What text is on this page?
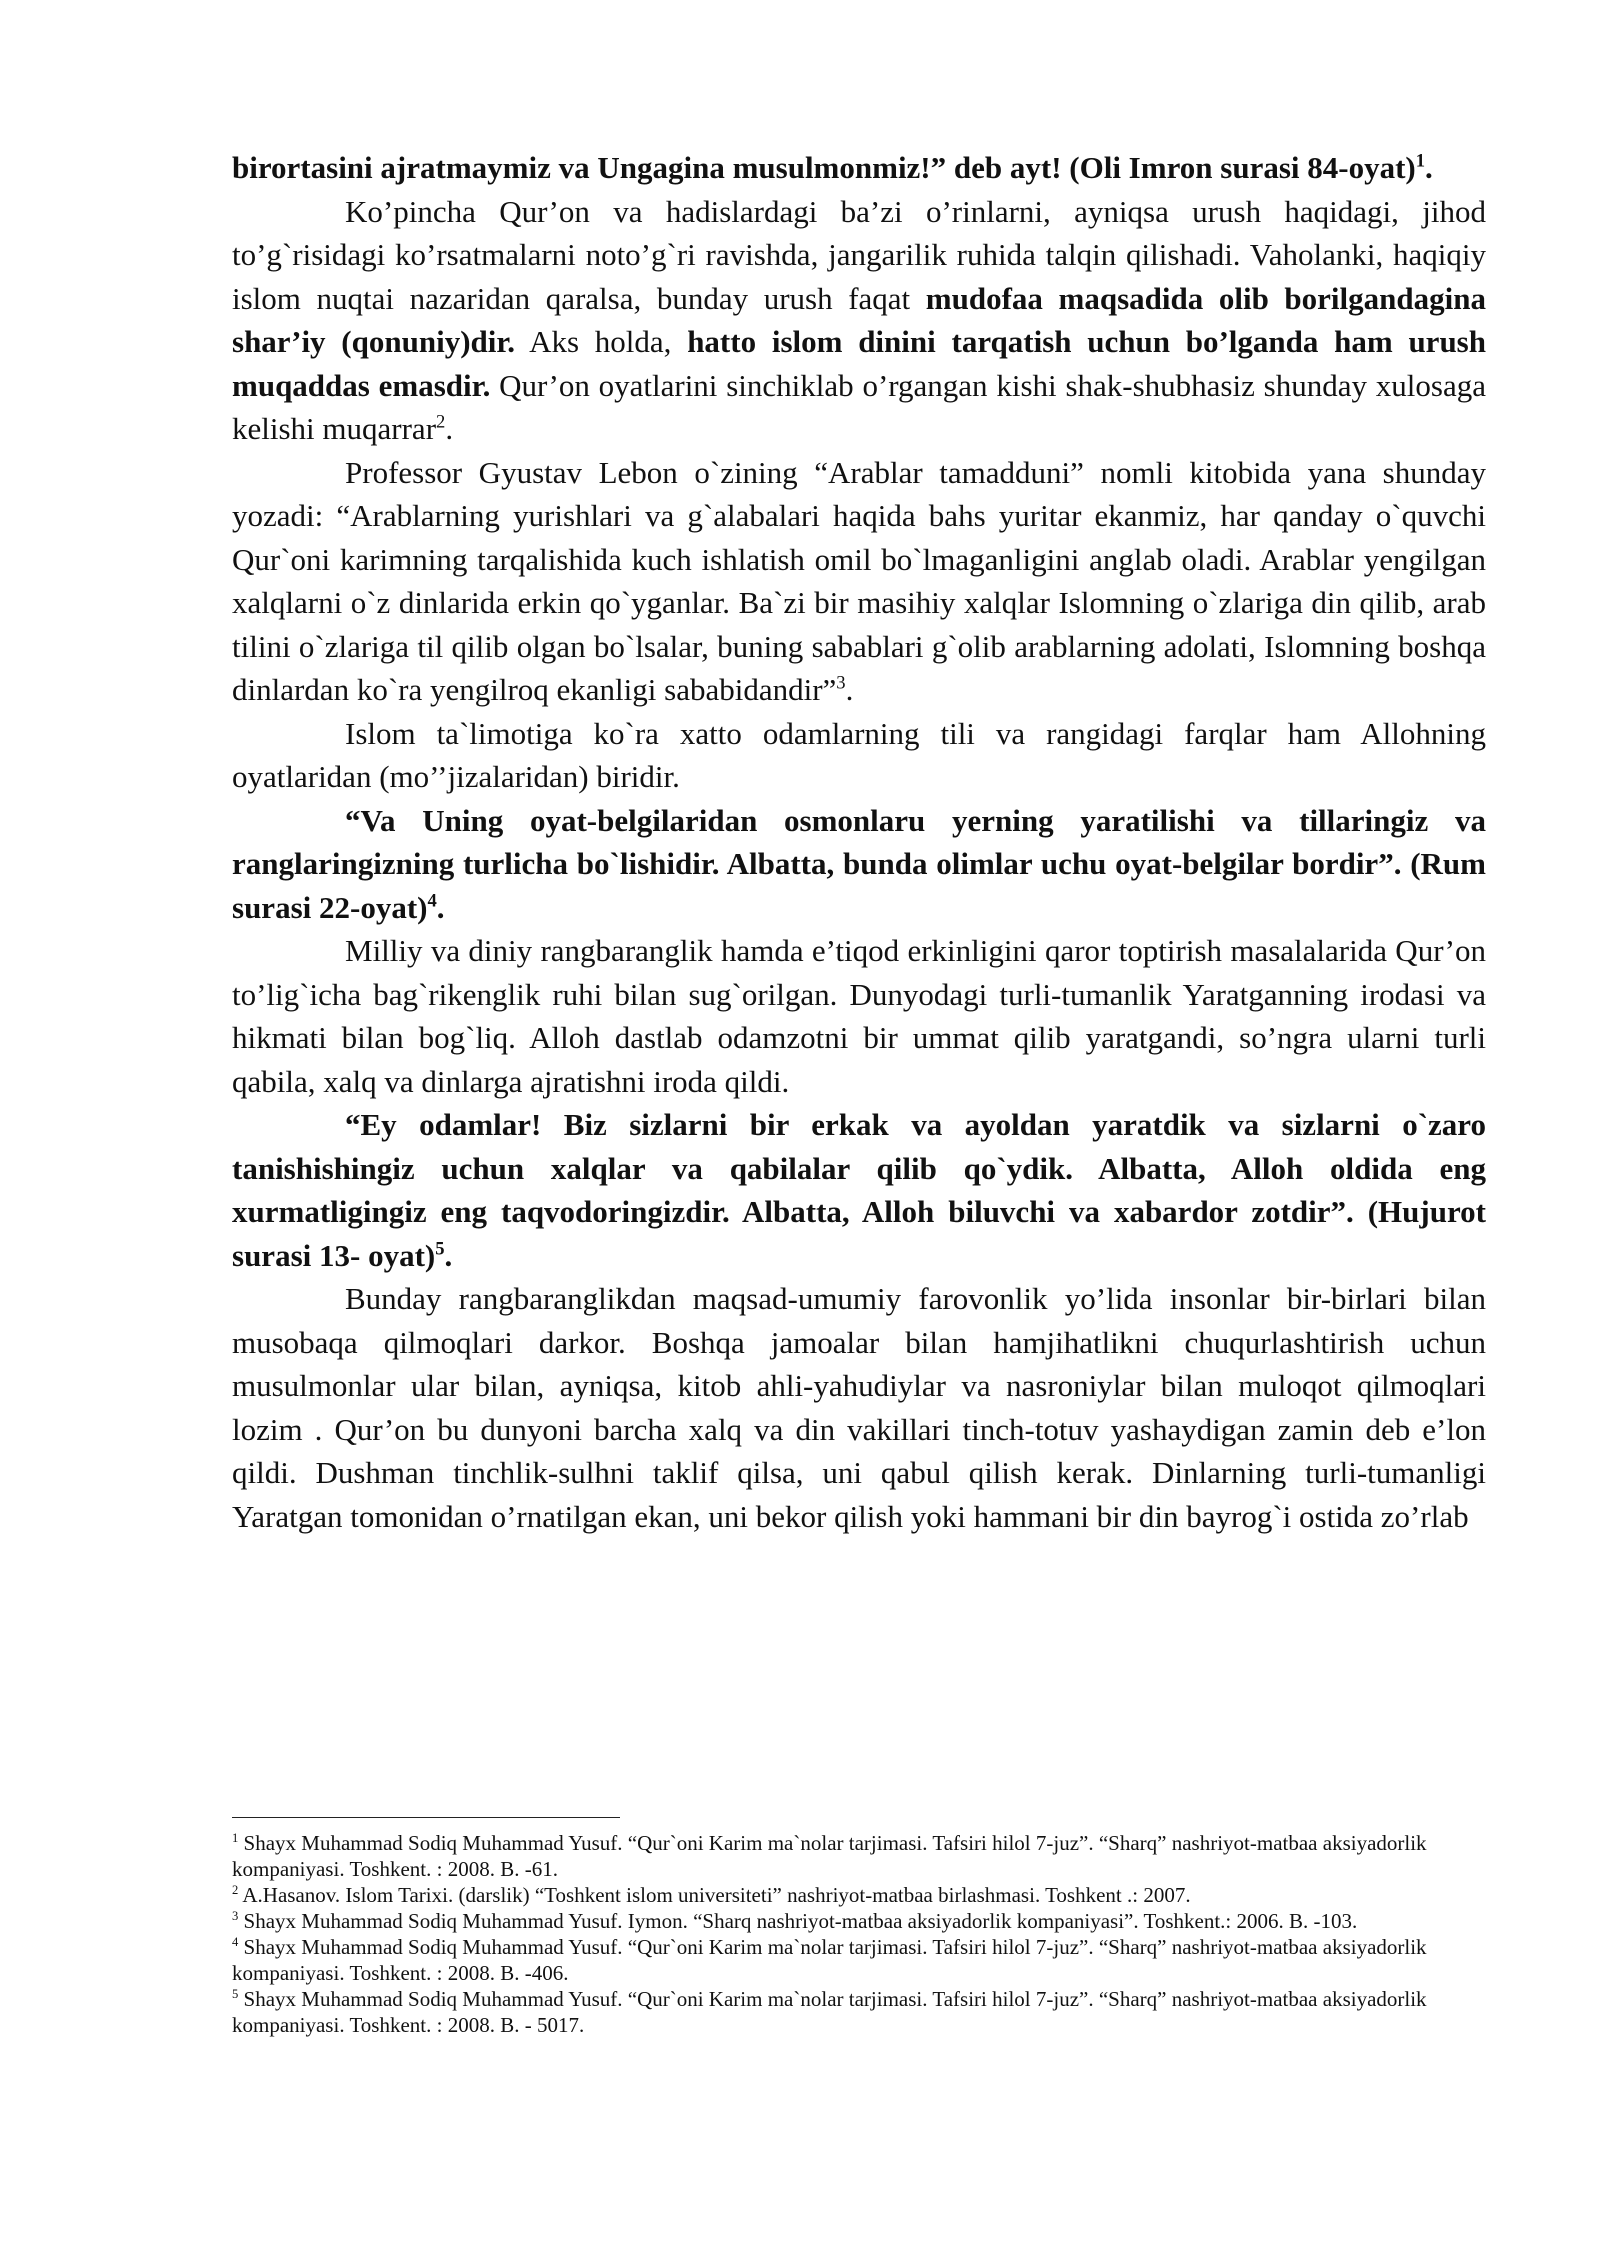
birortasini ajratmaymiz va Ungagina musulmonmiz!” deb ayt! (Oli Imron surasi 84-oyat)$^1$.

Ko’pincha Qur’on va hadislardagi ba’zi o’rinlarni, ayniqsa urush haqidagi, jihod to’g`risidagi ko’rsatmalarni noto’g`ri ravishda, jangarilik ruhida talqin qilishadi. Vaholanki, haqiqiy islom nuqtai nazaridan qaralsa, bunday urush faqat mudofaa maqsadida olib borilgandagina shar’iy (qonuniy)dir. Aks holda, hatto islom dinini tarqatish uchun bo’lganda ham urush muqaddas emasdir. Qur’on oyatlarini sinchiklab o’rgangan kishi shak-shubhasiz shunday xulosaga kelishi muqarrar$^2$.

Professor Gyustav Lebon o`zining “Arablar tamadduni” nomli kitobida yana shunday yozadi: “Arablarning yurishlari va g`alabalari haqida bahs yuritar ekanmiz, har qanday o`quvchi Qur`oni karimning tarqalishida kuch ishlatish omil bo`lmaganligini anglab oladi. Arablar yengilgan xalqlarni o`z dinlarida erkin qo`yganlar. Ba`zi bir masihiy xalqlar Islomning o`zlariga din qilib, arab tilini o`zlariga til qilib olgan bo`lsalar, buning sabablari g`olib arablarning adolati, Islomning boshqa dinlardan ko`ra yengilroq ekanligi sababidandir”$^3$.

Islom ta`limotiga ko`ra xatto odamlarning tili va rangidagi farqlar ham Allohning oyatlaridan (mo’’jizalaridan) biridir.

“Va Uning oyat-belgilaridan osmonlaru yerning yaratilishi va tillaringiz va ranglaringizning turlicha bo`lishidir. Albatta, bunda olimlar uchu oyat-belgilar bordir”. (Rum surasi 22-oyat)$^4$.

Milliy va diniy rangbaranglik hamda e’tiqod erkinligini qaror toptirish masalalarida Qur’on to’lig`icha bag`rikenglik ruhi bilan sug`orilgan. Dunyodagi turli-tumanlik Yaratganning irodasi va hikmati bilan bog`liq. Alloh dastlab odamzotni bir ummat qilib yaratgandi, so’ngra ularni turli qabila, xalq va dinlarga ajratishni iroda qildi.

“Ey odamlar! Biz sizlarni bir erkak va ayoldan yaratdik va sizlarni o`zaro tanishishingiz uchun xalqlar va qabilalar qilib qo`ydik. Albatta, Alloh oldida eng xurmatligingiz eng taqvodoringizdir. Albatta, Alloh biluvchi va xabardor zotdir”. (Hujurot surasi 13- oyat)$^5$.

Bunday rangbaranglikdan maqsad-umumiy farovonlik yo’lida insonlar bir-birlari bilan musobaqa qilmoqlari darkor. Boshqa jamoalar bilan hamjihatlikni chuqurlashtirish uchun musulmonlar ular bilan, ayniqsa, kitob ahli-yahudiylar va nasroniylar bilan muloqot qilmoqlari lozim . Qur’on bu dunyoni barcha xalq va din vakillari tinch-totuv yashaydigan zamin deb e’lon qildi. Dushman tinchlik-sulhni taklif qilsa, uni qabul qilish kerak. Dinlarning turli-tumanligi Yaratgan tomonidan o’rnatilgan ekan, uni bekor qilish yoki hammani bir din bayrog`i ostida zo’rlab

$^1$ Shayx Muhammad Sodiq Muhammad Yusuf. “Qur`oni Karim ma`nolar tarjimasi. Tafsiri hilol 7-juz”. “Sharq” nashriyot-matbaa aksiyadorlik kompaniyasi. Toshkent. : 2008. B. -61.

$^2$ A.Hasanov. Islom Tarixi. (darslik) “Toshkent islom universiteti” nashriyot-matbaa birlashmasi. Toshkent .: 2007.

$^3$ Shayx Muhammad Sodiq Muhammad Yusuf. Iymon. “Sharq nashriyot-matbaa aksiyadorlik kompaniyasi”. Toshkent.: 2006. B. -103.

$^4$ Shayx Muhammad Sodiq Muhammad Yusuf. “Qur`oni Karim ma`nolar tarjimasi. Tafsiri hilol 7-juz”. “Sharq” nashriyot-matbaa aksiyadorlik kompaniyasi. Toshkent. : 2008. B. -406.

$^5$ Shayx Muhammad Sodiq Muhammad Yusuf. “Qur`oni Karim ma`nolar tarjimasi. Tafsiri hilol 7-juz”. “Sharq” nashriyot-matbaa aksiyadorlik kompaniyasi. Toshkent. : 2008. B. - 5017.
